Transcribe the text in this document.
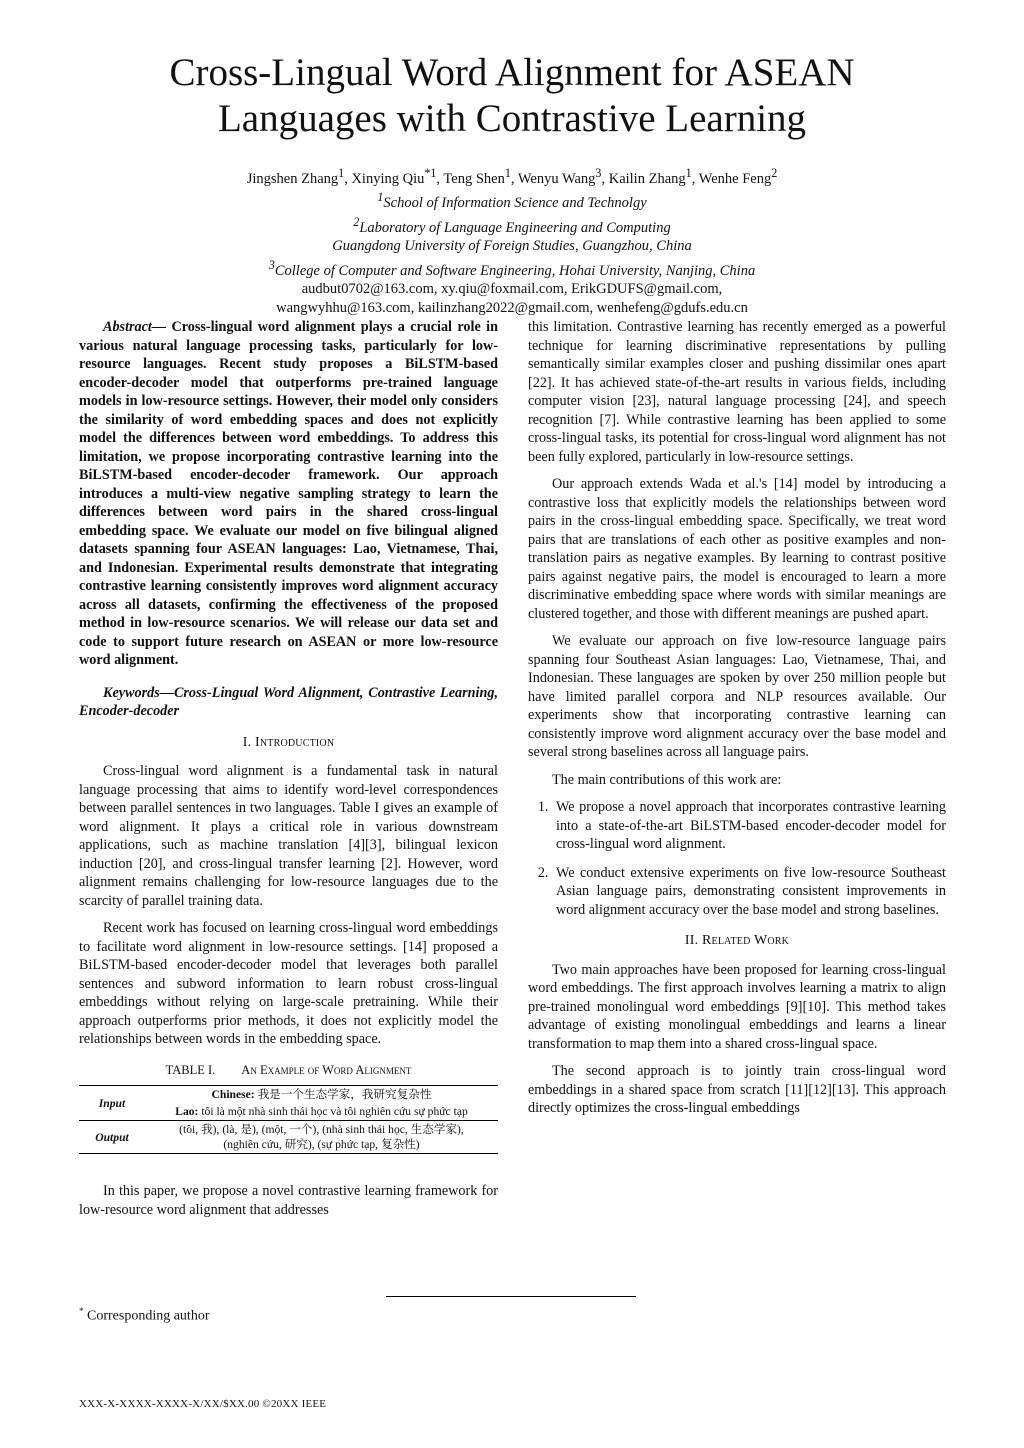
Cross-Lingual Word Alignment for ASEAN
Languages with Contrastive Learning
Jingshen Zhang$^1$, Xinying Qiu$^{*1}$, Teng Shen$^1$, Wenyu Wang$^3$, Kailin Zhang$^1$, Wenhe Feng$^2$
$^1$School of Information Science and Technolgy
$^2$Laboratory of Language Engineering and Computing
Guangdong University of Foreign Studies, Guangzhou, China
$^3$College of Computer and Software Engineering, Hohai University, Nanjing, China
audbut0702@163.com, xy.qiu@foxmail.com, ErikGDUFS@gmail.com,
wangwyhhu@163.com, kailinzhang2022@gmail.com, wenhefeng@gdufs.edu.cn

Abstract— Cross-lingual word alignment plays a crucial role in various natural language processing tasks, particularly for low-resource languages. Recent study proposes a BiLSTM-based encoder-decoder model that outperforms pre-trained language models in low-resource settings. However, their model only considers the similarity of word embedding spaces and does not explicitly model the differences between word embeddings. To address this limitation, we propose incorporating contrastive learning into the BiLSTM-based encoder-decoder framework. Our approach introduces a multi-view negative sampling strategy to learn the differences between word pairs in the shared cross-lingual embedding space. We evaluate our model on five bilingual aligned datasets spanning four ASEAN languages: Lao, Vietnamese, Thai, and Indonesian. Experimental results demonstrate that integrating contrastive learning consistently improves word alignment accuracy across all datasets, confirming the effectiveness of the proposed method in low-resource scenarios. We will release our data set and code to support future research on ASEAN or more low-resource word alignment.

Keywords—Cross-Lingual Word Alignment, Contrastive Learning, Encoder-decoder

I. Introduction

Cross-lingual word alignment is a fundamental task in natural language processing that aims to identify word-level correspondences between parallel sentences in two languages. Table I gives an example of word alignment. It plays a critical role in various downstream applications, such as machine translation [4][3], bilingual lexicon induction [20], and cross-lingual transfer learning [2]. However, word alignment remains challenging for low-resource languages due to the scarcity of parallel training data.

Recent work has focused on learning cross-lingual word embeddings to facilitate word alignment in low-resource settings. [14] proposed a BiLSTM-based encoder-decoder model that leverages both parallel sentences and subword information to learn robust cross-lingual embeddings without relying on large-scale pretraining. While their approach outperforms prior methods, it does not explicitly model the relationships between words in the embedding space.

TABLE I. An Example of Word Alignment
Input	Chinese: 我是一个生态学家，我研究复杂性
	Lao: tôi là một nhà sinh thái học và tôi nghiên cứu sự phức tạp
Output	(tôi, 我), (là, 是), (một, 一个), (nhà sinh thái học, 生态学家),
(nghiên cứu, 研究), (sự phức tạp, 复杂性)

In this paper, we propose a novel contrastive learning framework for low-resource word alignment that addresses

this limitation. Contrastive learning has recently emerged as a powerful technique for learning discriminative representations by pulling semantically similar examples closer and pushing dissimilar ones apart [22]. It has achieved state-of-the-art results in various fields, including computer vision [23], natural language processing [24], and speech recognition [7]. While contrastive learning has been applied to some cross-lingual tasks, its potential for cross-lingual word alignment has not been fully explored, particularly in low-resource settings.

Our approach extends Wada et al.'s [14] model by introducing a contrastive loss that explicitly models the relationships between word pairs in the cross-lingual embedding space. Specifically, we treat word pairs that are translations of each other as positive examples and non-translation pairs as negative examples. By learning to contrast positive pairs against negative pairs, the model is encouraged to learn a more discriminative embedding space where words with similar meanings are clustered together, and those with different meanings are pushed apart.

We evaluate our approach on five low-resource language pairs spanning four Southeast Asian languages: Lao, Vietnamese, Thai, and Indonesian. These languages are spoken by over 250 million people but have limited parallel corpora and NLP resources available. Our experiments show that incorporating contrastive learning can consistently improve word alignment accuracy over the base model and several strong baselines across all language pairs.

The main contributions of this work are:

1. We propose a novel approach that incorporates contrastive learning into a state-of-the-art BiLSTM-based encoder-decoder model for cross-lingual word alignment.
2. We conduct extensive experiments on five low-resource Southeast Asian language pairs, demonstrating consistent improvements in word alignment accuracy over the base model and strong baselines.
II. Related Work

Two main approaches have been proposed for learning cross-lingual word embeddings. The first approach involves learning a matrix to align pre-trained monolingual word embeddings [9][10]. This method takes advantage of existing monolingual embeddings and learns a linear transformation to map them into a shared cross-lingual space.

The second approach is to jointly train cross-lingual word embeddings in a shared space from scratch [11][12][13]. This approach directly optimizes the cross-lingual embeddings

* Corresponding author
XXX-X-XXXX-XXXX-X/XX/$XX.00 ©20XX IEEE
